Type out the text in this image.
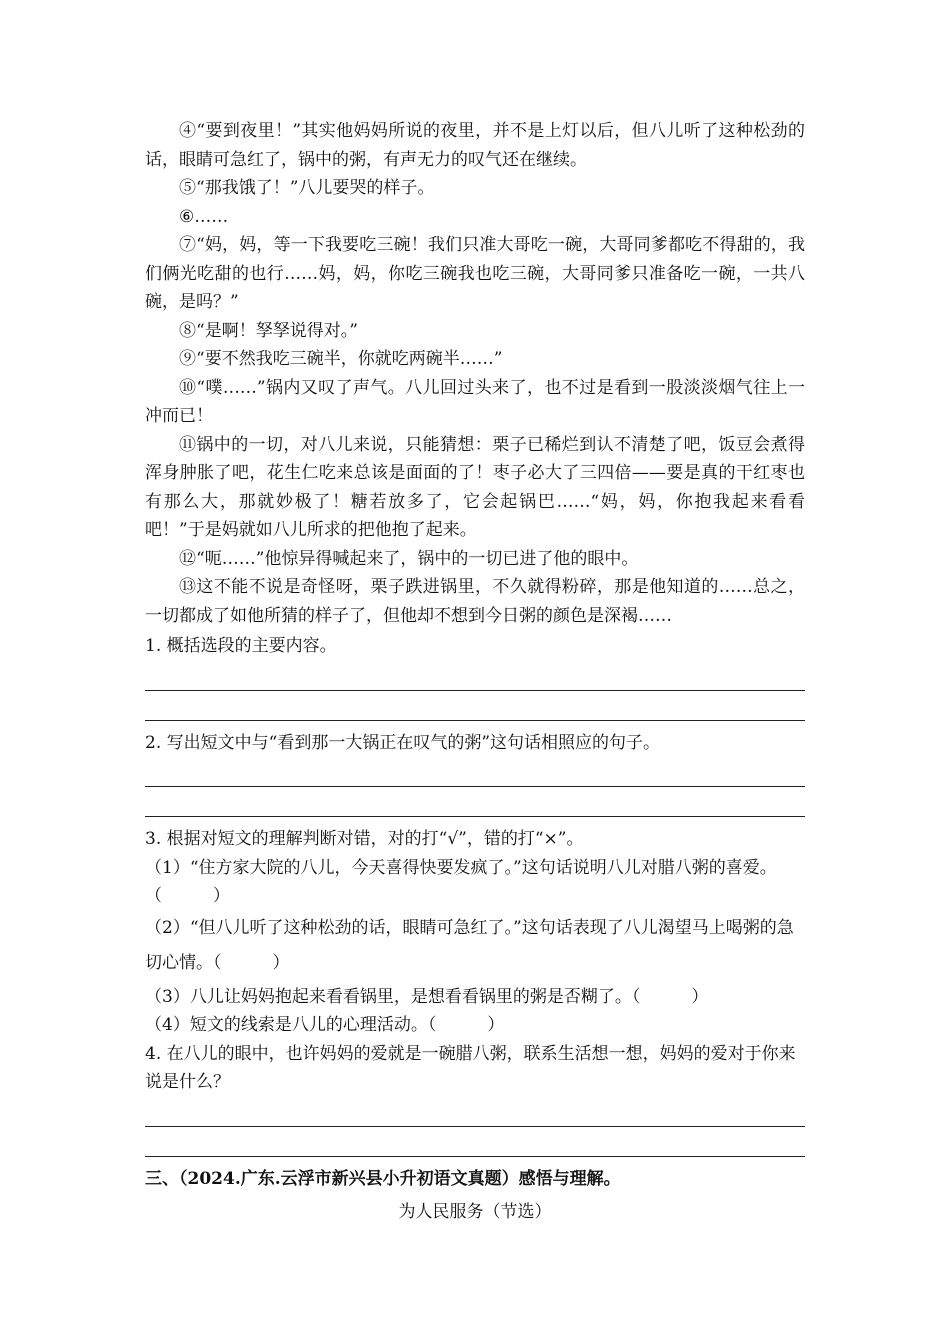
④“要到夜里！”其实他妈妈所说的夜里，并不是上灯以后，但八儿听了这种松劲的话，眼睛可急红了，锅中的粥，有声无力的叹气还在继续。

⑤“那我饿了！”八儿要哭的样子。

⑥……

⑦“妈，妈，等一下我要吃三碗！我们只准大哥吃一碗，大哥同爹都吃不得甜的，我们俩光吃甜的也行……妈，妈，你吃三碗我也吃三碗，大哥同爹只准备吃一碗，一共八碗，是吗？”

⑧“是啊！孥孥说得对。”

⑨“要不然我吃三碗半，你就吃两碗半……”

⑩“噗……”锅内又叹了声气。八儿回过头来了，也不过是看到一股淡淡烟气往上一冲而已！

⑪锅中的一切，对八儿来说，只能猜想：栗子已稀烂到认不清楚了吧，饭豆会煮得浑身肿胀了吧，花生仁吃来总该是面面的了！枣子必大了三四倍——要是真的干红枣也有那么大，那就妙极了！糖若放多了，它会起锅巴……“妈，妈，你抱我起来看看吧！”于是妈就如八儿所求的把他抱了起来。

⑫“呃……”他惊异得喊起来了，锅中的一切已进了他的眼中。

⑬这不能不说是奇怪呀，栗子跌进锅里，不久就得粉碎，那是他知道的……总之，一切都成了如他所猜的样子了，但他却不想到今日粥的颜色是深褐……

1. 概括选段的主要内容。

2. 写出短文中与“看到那一大锅正在叹气的粥”这句话相照应的句子。

3. 根据对短文的理解判断对错，对的打“√”，错的打“×”。

（1）“住方家大院的八儿，今天喜得快要发疯了。”这句话说明八儿对腊八粥的喜爱。（　　　）

（2）“但八儿听了这种松劲的话，眼睛可急红了。”这句话表现了八儿渴望马上喝粥的急切心情。（　　　）

（3）八儿让妈妈抱起来看看锅里，是想看看锅里的粥是否糊了。（　　　）

（4）短文的线索是八儿的心理活动。（　　　）

4. 在八儿的眼中，也许妈妈的爱就是一碗腊八粥，联系生活想一想，妈妈的爱对于你来说是什么？

三、（2024.广东.云浮市新兴县小升初语文真题）感悟与理解。

为人民服务（节选）
